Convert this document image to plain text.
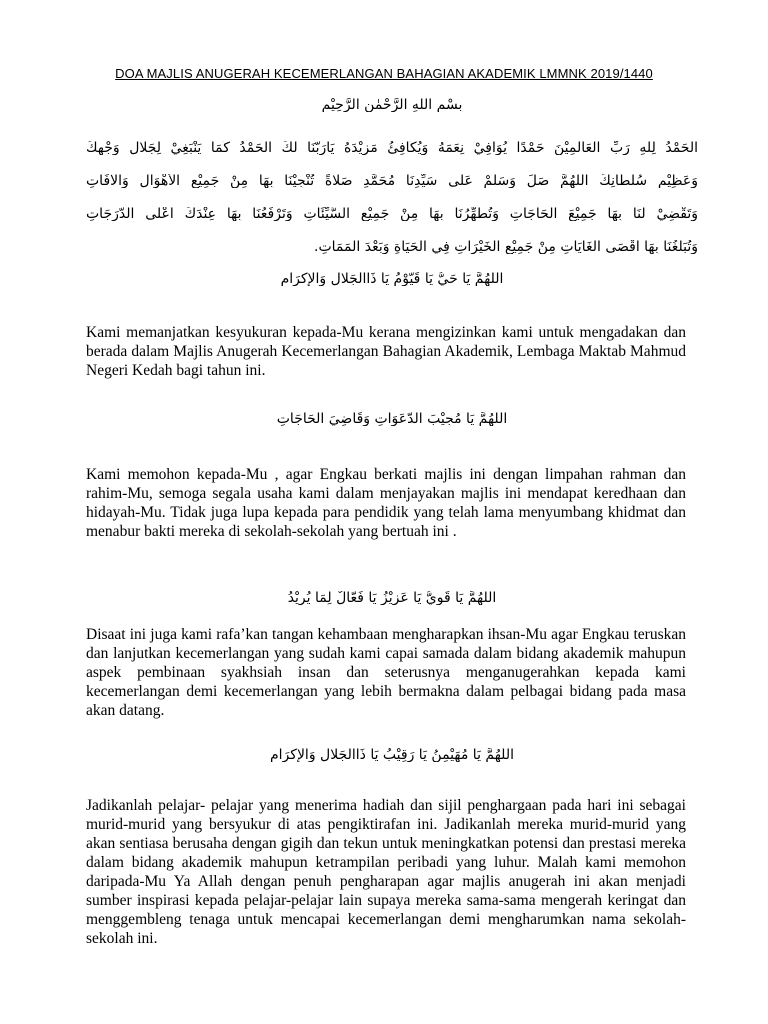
DOA MAJLIS ANUGERAH KECEMERLANGAN BAHAGIAN AKADEMIK LMMNK 2019/1440
بِسْمِ اللهِ الرَّحْمٰنِ الرَّحِيْمِ
اَلْحَمْدُ لِلّٰهِ رَبِّ الْعَالَمِيْنَ حَمْدًا يُوَافِيْ نِعَمَهُ وَيُكَافِئُ مَزِيْدَهُ يَارَبَّنَا لَكَ الْحَمْدُ كَمَا يَنْبَغِيْ لِجَلَالِ وَجْهِكَ
وَعَظِيْمِ سُلْطَانِكَ اَللّٰهُمَّ صَلِّ وَسَلِّمْ عَلَى سَيِّدِنَا مُحَمَّدٍ صَلَاةً تُنْجِيْنَا بِهَا مِنْ جَمِيْعِ الْأَهْوَالِ وَالْآفَاتِ
وَتَقْضِيْ لَنَا بِهَا جَمِيْعَ الْحَاجَاتِ وَتُطَهِّرُنَا بِهَا مِنْ جَمِيْعِ السَّيِّئَاتِ وَتَرْفَعُنَا بِهَا عِنْدَكَ أَعْلَى الدَّرَجَاتِ
وَتُبَلِّغُنَا بِهَا أَقْصَى الْغَايَاتِ مِنْ جَمِيْعِ الْخَيْرَاتِ فِي الْحَيَاةِ وَبَعْدَ الْمَمَاتِ.
اَللّٰهُمَّ يَا حَيُّ يَا قَيُّوْمُ يَا ذَاالْجَلَالِ وَالْإِكْرَام
Kami memanjatkan kesyukuran kepada-Mu kerana mengizinkan kami untuk mengadakan dan berada dalam Majlis Anugerah Kecemerlangan Bahagian Akademik, Lembaga Maktab Mahmud Negeri Kedah bagi tahun ini.
اَللّٰهُمَّ يَا مُجِيْبَ الدَّعَوَاتِ وَقَاضِيَ الْحَاجَاتِ
Kami memohon kepada-Mu , agar Engkau berkati majlis ini dengan limpahan rahman dan rahim-Mu, semoga segala usaha kami dalam menjayakan majlis ini mendapat keredhaan dan hidayah-Mu. Tidak juga lupa kepada para pendidik yang telah lama menyumbang khidmat dan menabur bakti mereka di sekolah-sekolah yang bertuah ini .
اَللّٰهُمَّ يَا قَوِيُّ يَا عَزِيْزُ يَا فَعَّالٌ لِمَا يُرِيْدُ
Disaat ini juga kami rafa’kan tangan kehambaan mengharapkan ihsan-Mu agar Engkau teruskan dan lanjutkan kecemerlangan yang sudah kami capai samada dalam bidang akademik mahupun aspek pembinaan syakhsiah insan dan seterusnya menganugerahkan kepada kami kecemerlangan demi kecemerlangan yang lebih bermakna dalam pelbagai bidang pada masa akan datang.
اَللّٰهُمَّ يَا مُهَيْمِنُ يَا رَقِيْبُ يَا ذَاالْجَلَالِ وَالْإِكْرَام
Jadikanlah pelajar- pelajar yang menerima hadiah dan sijil penghargaan pada hari ini sebagai murid-murid yang bersyukur di atas pengiktirafan ini. Jadikanlah mereka murid-murid yang akan sentiasa berusaha dengan gigih dan tekun untuk meningkatkan potensi dan prestasi mereka dalam bidang akademik mahupun ketrampilan peribadi yang luhur. Malah kami memohon daripada-Mu Ya Allah dengan penuh pengharapan agar majlis anugerah ini akan menjadi sumber inspirasi kepada pelajar-pelajar lain supaya mereka sama-sama mengerah keringat dan menggembleng tenaga untuk mencapai kecemerlangan demi mengharumkan nama sekolah-sekolah ini.
